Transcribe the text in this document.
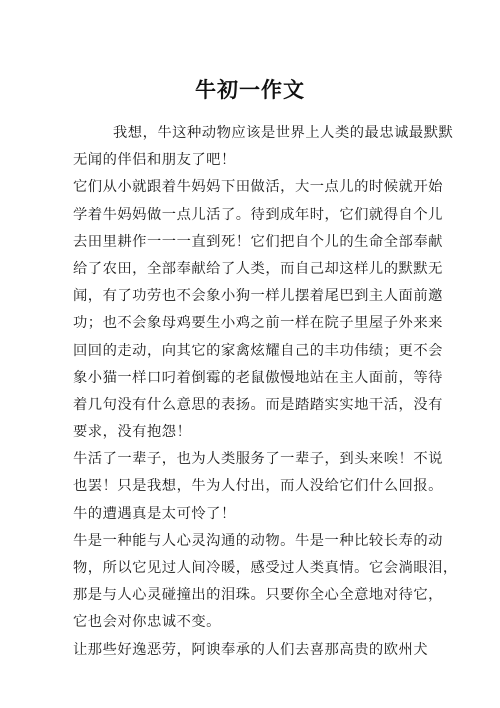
牛初一作文
我想，牛这种动物应该是世界上人类的最忠诚最默默
无闻的伴侣和朋友了吧！
它们从小就跟着牛妈妈下田做活，大一点儿的时候就开始
学着牛妈妈做一点儿活了。待到成年时，它们就得自个儿
去田里耕作一一一直到死！它们把自个儿的生命全部奉献
给了农田，全部奉献给了人类，而自己却这样儿的默默无
闻，有了功劳也不会象小狗一样儿摆着尾巴到主人面前邀
功；也不会象母鸡要生小鸡之前一样在院子里屋子外来来
回回的走动，向其它的家禽炫耀自己的丰功伟绩；更不会
象小猫一样口叼着倒霉的老鼠傲慢地站在主人面前，等待
着几句没有什么意思的表扬。而是踏踏实实地干活，没有
要求，没有抱怨！
牛活了一辈子，也为人类服务了一辈子，到头来唉！不说
也罢！只是我想，牛为人付出，而人没给它们什么回报。
牛的遭遇真是太可怜了！
牛是一种能与人心灵沟通的动物。牛是一种比较长寿的动
物，所以它见过人间冷暖，感受过人类真情。它会淌眼泪，
那是与人心灵碰撞出的泪珠。只要你全心全意地对待它，
它也会对你忠诚不变。
让那些好逸恶劳，阿谀奉承的人们去喜那高贵的欧州犬
